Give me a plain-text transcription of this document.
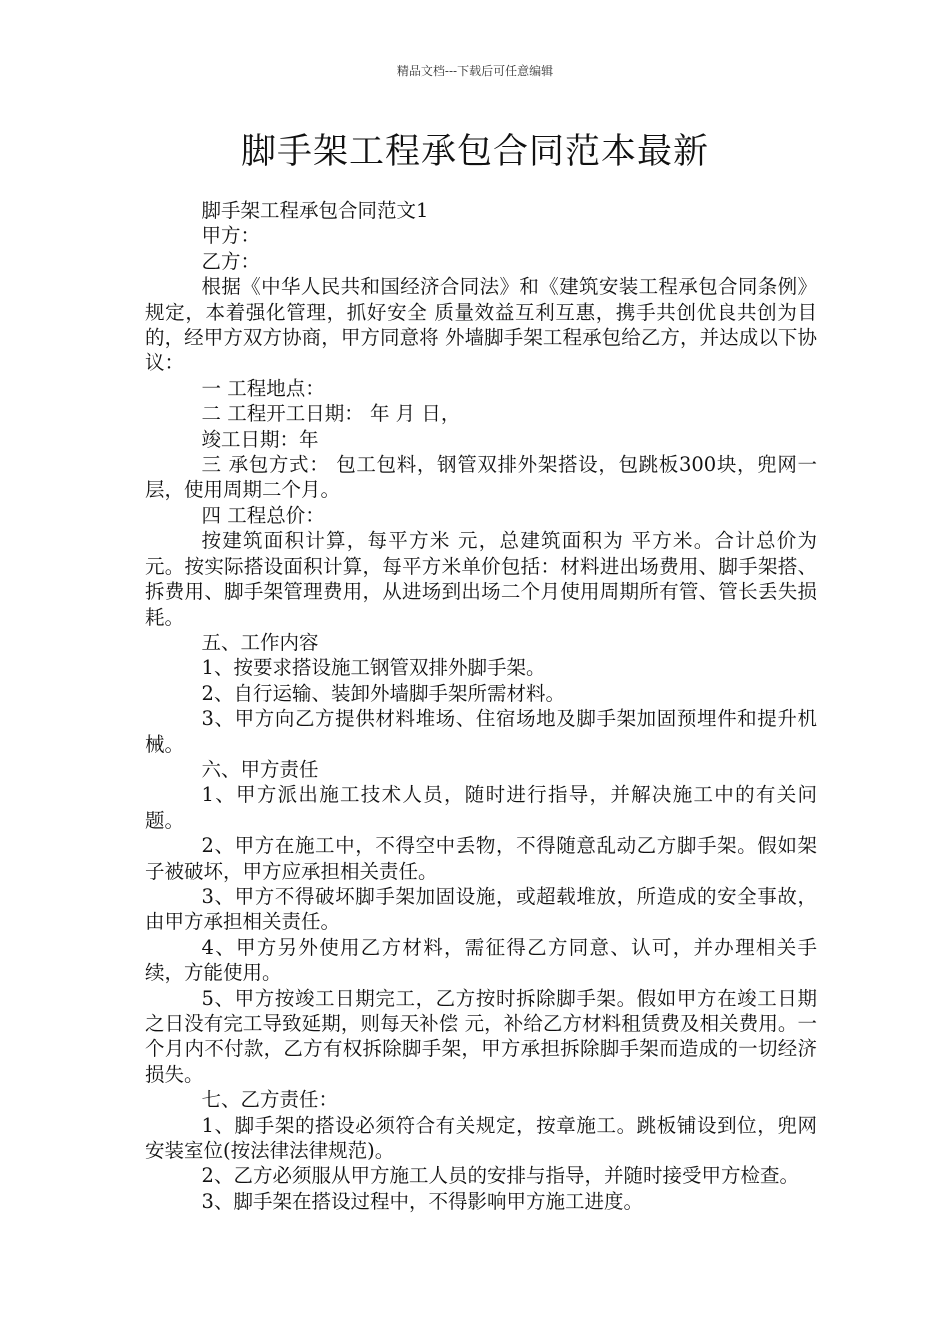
精品文档---下载后可任意编辑
脚手架工程承包合同范本最新

脚手架工程承包合同范文1

甲方：

乙方：

根据《中华人民共和国经济合同法》和《建筑安装工程承包合同条例》规定，本着强化管理，抓好安全 质量效益互利互惠，携手共创优良共创为目的，经甲方双方协商，甲方同意将 外墙脚手架工程承包给乙方，并达成以下协议：

一 工程地点：

二 工程开工日期： 年 月 日，

竣工日期：年

三 承包方式： 包工包料，钢管双排外架搭设，包跳板300块，兜网一层，使用周期二个月。

四 工程总价：

按建筑面积计算，每平方米 元，总建筑面积为 平方米。合计总价为 元。按实际搭设面积计算，每平方米单价包括：材料进出场费用、脚手架搭、拆费用、脚手架管理费用，从进场到出场二个月使用周期所有管、管长丢失损耗。

五、工作内容

1、按要求搭设施工钢管双排外脚手架。

2、自行运输、装卸外墙脚手架所需材料。

3、甲方向乙方提供材料堆场、住宿场地及脚手架加固预埋件和提升机械。

六、甲方责任

1、甲方派出施工技术人员，随时进行指导，并解决施工中的有关问题。

2、甲方在施工中，不得空中丢物，不得随意乱动乙方脚手架。假如架子被破坏，甲方应承担相关责任。

3、甲方不得破坏脚手架加固设施，或超载堆放，所造成的安全事故，由甲方承担相关责任。

4、甲方另外使用乙方材料，需征得乙方同意、认可，并办理相关手续，方能使用。

5、甲方按竣工日期完工，乙方按时拆除脚手架。假如甲方在竣工日期之日没有完工导致延期，则每天补偿 元，补给乙方材料租赁费及相关费用。一个月内不付款，乙方有权拆除脚手架，甲方承担拆除脚手架而造成的一切经济损失。

七、乙方责任：

1、脚手架的搭设必须符合有关规定，按章施工。跳板铺设到位，兜网安装室位(按法律法律规范)。

2、乙方必须服从甲方施工人员的安排与指导，并随时接受甲方检查。

3、脚手架在搭设过程中，不得影响甲方施工进度。
